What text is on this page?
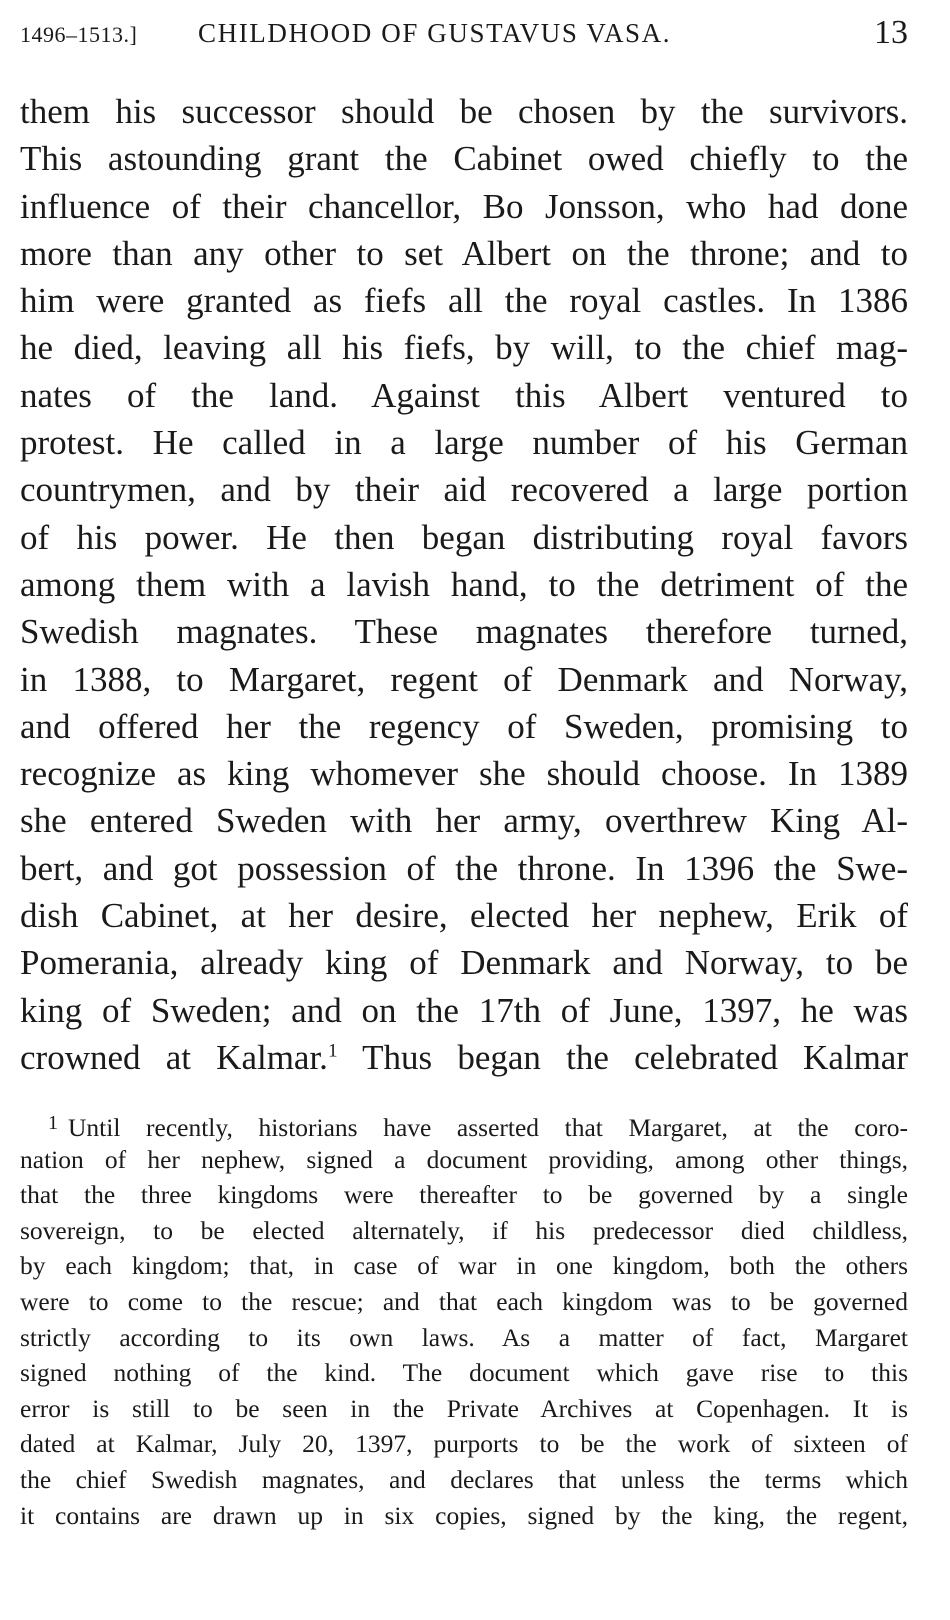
1496–1513.] CHILDHOOD OF GUSTAVUS VASA.	13
them his successor should be chosen by the survivors.
This astounding grant the Cabinet owed chiefly to the
influence of their chancellor, Bo Jonsson, who had done
more than any other to set Albert on the throne; and to
him were granted as fiefs all the royal castles. In 1386
he died, leaving all his fiefs, by will, to the chief mag-
nates of the land. Against this Albert ventured to
protest. He called in a large number of his German
countrymen, and by their aid recovered a large portion
of his power. He then began distributing royal favors
among them with a lavish hand, to the detriment of the
Swedish magnates. These magnates therefore turned,
in 1388, to Margaret, regent of Denmark and Norway,
and offered her the regency of Sweden, promising to
recognize as king whomever she should choose. In 1389
she entered Sweden with her army, overthrew King Al-
bert, and got possession of the throne. In 1396 the Swe-
dish Cabinet, at her desire, elected her nephew, Erik of
Pomerania, already king of Denmark and Norway, to be
king of Sweden; and on the 17th of June, 1397, he was
crowned at Kalmar.$^1$ Thus began the celebrated Kalmar
$^1$ Until recently, historians have asserted that Margaret, at the coro-
nation of her nephew, signed a document providing, among other things,
that the three kingdoms were thereafter to be governed by a single
sovereign, to be elected alternately, if his predecessor died childless,
by each kingdom; that, in case of war in one kingdom, both the others
were to come to the rescue; and that each kingdom was to be governed
strictly according to its own laws. As a matter of fact, Margaret
signed nothing of the kind. The document which gave rise to this
error is still to be seen in the Private Archives at Copenhagen. It is
dated at Kalmar, July 20, 1397, purports to be the work of sixteen of
the chief Swedish magnates, and declares that unless the terms which
it contains are drawn up in six copies, signed by the king, the regent,
